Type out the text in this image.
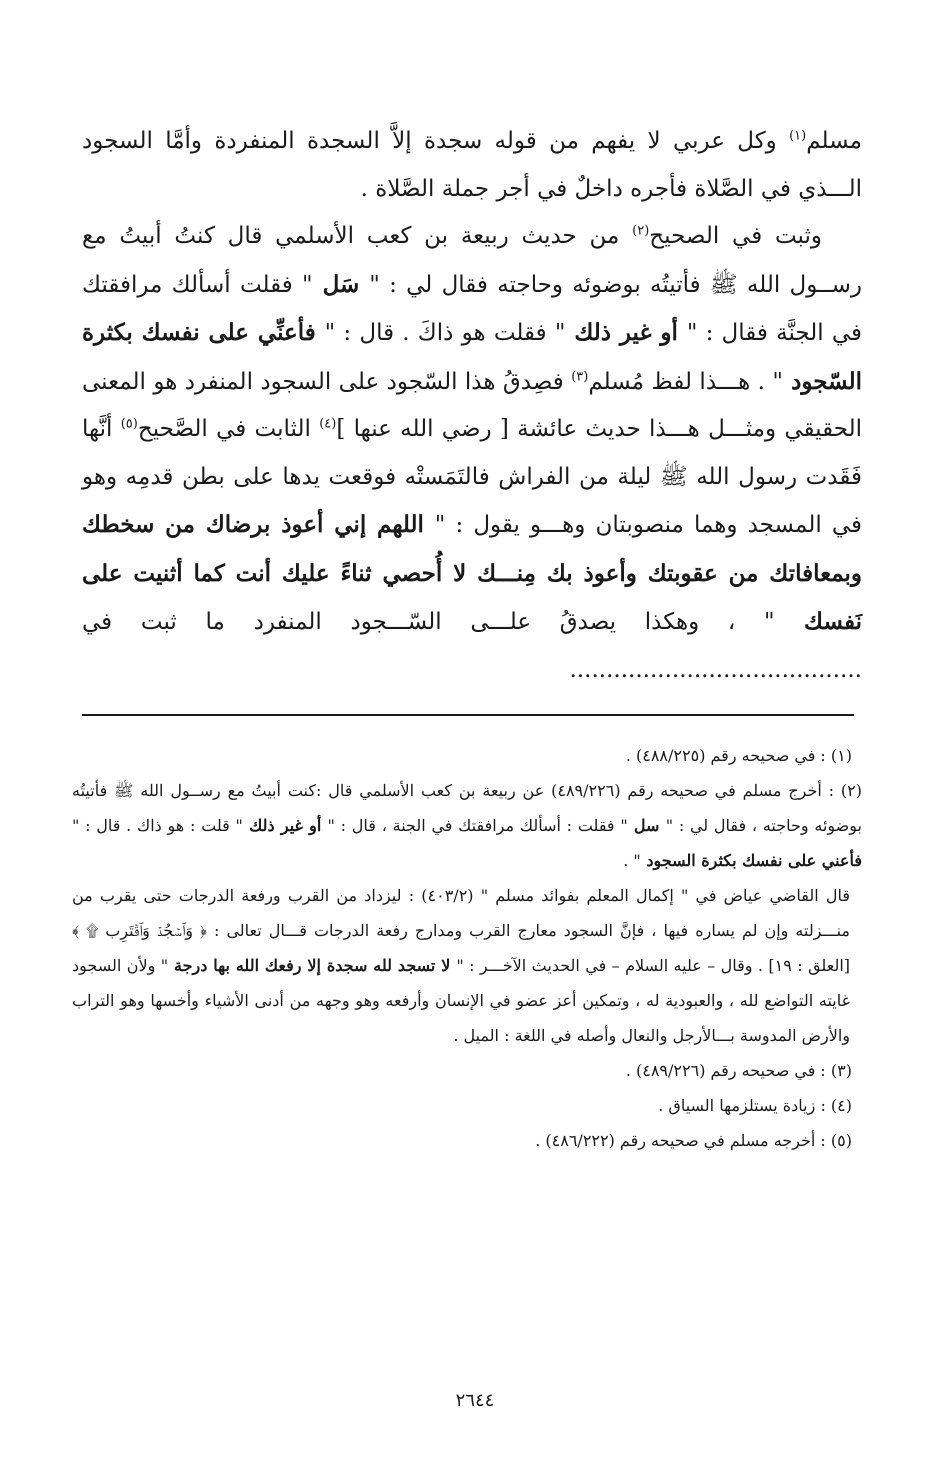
مسلم$^{(١)}$ وكل عربي لا يفهم من قوله سجدة إلاَّ السجدة المنفردة وأمَّا السجود الـــذي في الصَّلاة فأجره داخلٌ في أجر جملة الصَّلاة .

وثبت في الصحيح$^{(٢)}$ من حديث ربيعة بن كعب الأسلمي قال كنتُ أبيتُ مع رســول الله ﷺ فأتيتُه بوضوئه وحاجته فقال لي : " سَل " فقلت أسألك مرافقتك في الجنَّة فقال : " أو غير ذلك " فقلت هو ذاكَ . قال : " فأعنِّي على نفسك بكثرة السّجود " . هـــذا لفظ مُسلم$^{(٣)}$ فصِدقُ هذا السّجود على السجود المنفرد هو المعنى الحقيقي ومثـــل هـــذا حديث عائشة [ رضي الله عنها ]$^{(٤)}$ الثابت في الصَّحيح$^{(٥)}$ أنَّها فَقَدت رسول الله ﷺ ليلة من الفراش فالتَمَستْه فوقعت يدها على بطن قدمِه وهو في المسجد وهما منصوبتان وهـــو يقول : " اللهم إني أعوذ برضاك من سخطك وبمعافاتك من عقوبتك وأعوذ بك مِنـــك لا أُحصي ثناءً عليك أنت كما أثنيت على نَفسك " ، وهكذا يصدقُ علـــى السّـــجود المنفرد ما ثبت في ........................................

(١) : في صحيحه رقم (٤٨٨/٢٢٥) .

(٢) : أخرج مسلم في صحيحه رقم (٤٨٩/٢٢٦) عن ربيعة بن كعب الأسلمي قال :كنت أبيتُ مع رســول الله ﷺ فأتيتُه بوضوئه وحاجته ، فقال لي : " سل " فقلت : أسألك مرافقتك في الجنة ، قال : " أو غير ذلك " قلت : هو ذاك . قال : " فأعني على نفسك بكثرة السجود " .

قال القاضي عياض في " إكمال المعلم بفوائد مسلم " (٤٠٣/٢) : ليزداد من القرب ورفعة الدرجات حتى يقرب من منـــزلته وإن لم يساره فيها ، فإنَّ السجود معارج القرب ومدارج رفعة الدرجات قـــال تعالى : ﴿ وَٱسۡجُدۡ وَٱقۡتَرِب ۩ ﴾ [العلق : ١٩] . وقال – عليه السلام – في الحديث الآخـــر : " لا تسجد لله سجدة إلا رفعك الله بها درجة " ولأن السجود غايته التواضع لله ، والعبودية له ، وتمكين أعز عضو في الإنسان وأرفعه وهو وجهه من أدنى الأشياء وأخسها وهو التراب والأرض المدوسة بـــالأرجل والنعال وأصله في اللغة : الميل .

(٣) : في صحيحه رقم (٤٨٩/٢٢٦) .

(٤) : زيادة يستلزمها السياق .

(٥) : أخرجه مسلم في صحيحه رقم (٤٨٦/٢٢٢) .

٢٦٤٤
